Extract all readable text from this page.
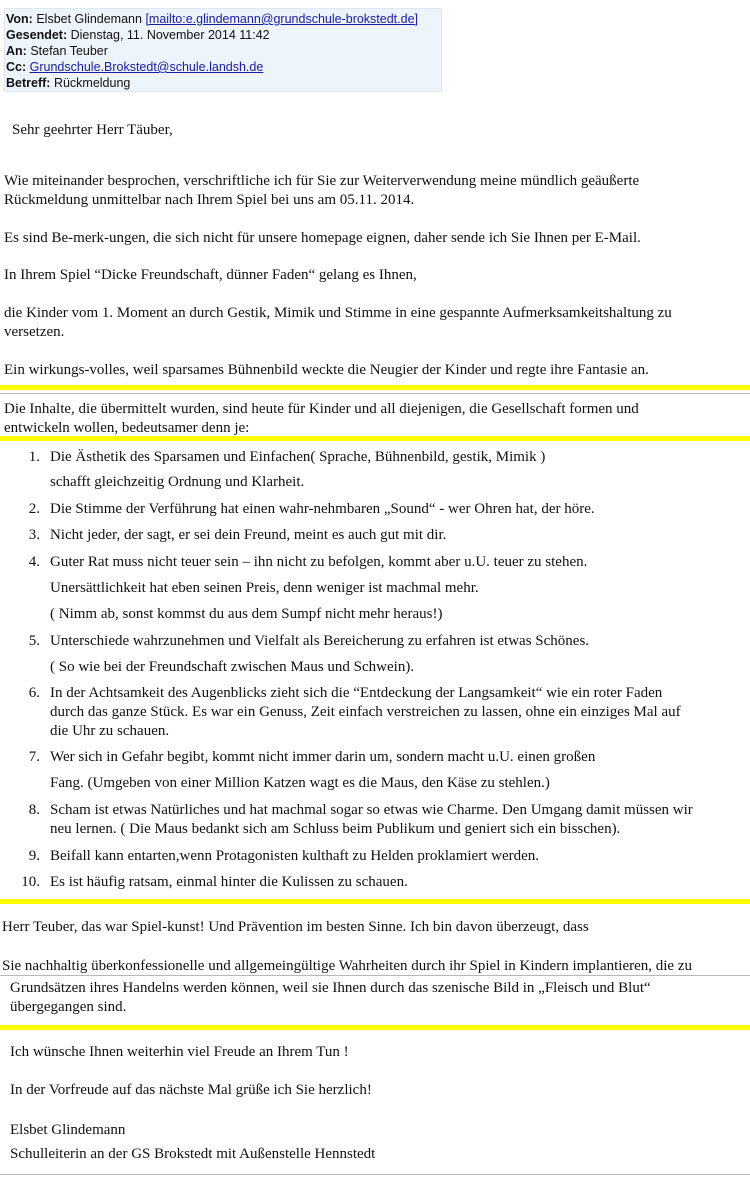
Von: Elsbet Glindemann [mailto:e.glindemann@grundschule-brokstedt.de]
Gesendet: Dienstag, 11. November 2014 11:42
An: Stefan Teuber
Cc: Grundschule.Brokstedt@schule.landsh.de
Betreff: Rückmeldung
Sehr geehrter Herr Täuber,
Wie miteinander besprochen, verschriftliche ich für Sie zur Weiterverwendung meine mündlich geäußerte
Rückmeldung unmittelbar nach Ihrem Spiel bei uns am 05.11. 2014.
Es sind Be-merk-ungen, die sich nicht für unsere homepage eignen, daher sende ich Sie Ihnen per E-Mail.
In Ihrem Spiel “Dicke Freundschaft, dünner Faden“ gelang es Ihnen,
die Kinder vom 1. Moment an durch Gestik, Mimik und Stimme in eine gespannte Aufmerksamkeitshaltung zu
versetzen.
Ein wirkungs-volles, weil sparsames Bühnenbild weckte die Neugier der Kinder und regte ihre Fantasie an.
Die Inhalte, die übermittelt wurden, sind heute für Kinder und all diejenigen, die Gesellschaft formen und
entwickeln wollen, bedeutsamer denn je:
1. Die Ästhetik des Sparsamen und Einfachen( Sprache, Bühnenbild, gestik, Mimik )
schafft gleichzeitig Ordnung und Klarheit.
2. Die Stimme der Verführung hat einen wahr-nehmbaren „Sound“ - wer Ohren hat, der höre.
3. Nicht jeder, der sagt, er sei dein Freund, meint es auch gut mit dir.
4. Guter Rat muss nicht teuer sein – ihn nicht zu befolgen, kommt aber u.U. teuer zu stehen.
Unersättlichkeit hat eben seinen Preis, denn weniger ist machmal mehr.
( Nimm ab, sonst kommst du aus dem Sumpf nicht mehr heraus!)
5. Unterschiede wahrzunehmen und Vielfalt als Bereicherung zu erfahren ist etwas Schönes.
( So wie bei der Freundschaft zwischen Maus und Schwein).
6. In der Achtsamkeit des Augenblicks zieht sich die “Entdeckung der Langsamkeit“ wie ein roter Faden
durch das ganze Stück. Es war ein Genuss, Zeit einfach verstreichen zu lassen, ohne ein einziges Mal auf
die Uhr zu schauen.
7. Wer sich in Gefahr begibt, kommt nicht immer darin um, sondern macht u.U. einen großen
Fang. (Umgeben von einer Million Katzen wagt es die Maus, den Käse zu stehlen.)
8. Scham ist etwas Natürliches und hat machmal sogar so etwas wie Charme. Den Umgang damit müssen wir
neu lernen. ( Die Maus bedankt sich am Schluss beim Publikum und geniert sich ein bisschen).
9. Beifall kann entarten,wenn Protagonisten kulthaft zu Helden proklamiert werden.
10. Es ist häufig ratsam, einmal hinter die Kulissen zu schauen.
Herr Teuber, das war Spiel-kunst! Und Prävention im besten Sinne. Ich bin davon überzeugt, dass
Sie nachhaltig überkonfessionelle und allgemeingültige Wahrheiten durch ihr Spiel in Kindern implantieren, die zu
Grundsätzen ihres Handelns werden können, weil sie Ihnen durch das szenische Bild in „Fleisch und Blut“
übergegangen sind.
Ich wünsche Ihnen weiterhin viel Freude an Ihrem Tun !
In der Vorfreude auf das nächste Mal grüße ich Sie herzlich!
Elsbet Glindemann
Schulleiterin an der GS Brokstedt mit Außenstelle Hennstedt
